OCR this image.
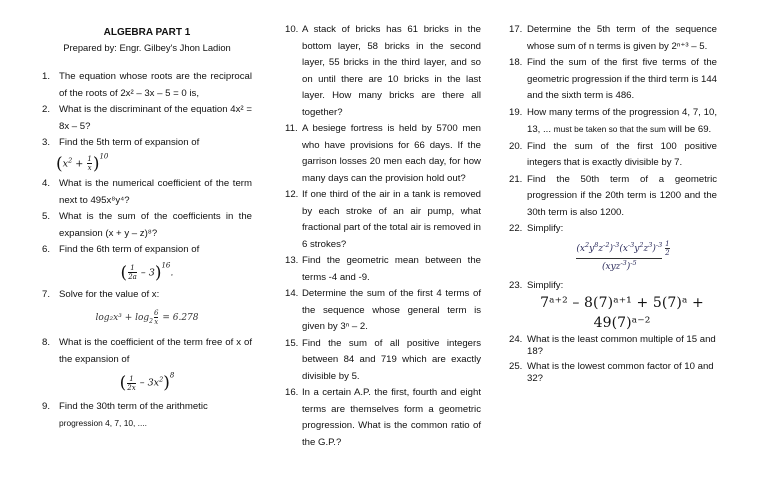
ALGEBRA PART 1
Prepared by: Engr. Gilbey's Jhon Ladion
1. The equation whose roots are the reciprocal of the roots of 2x² – 3x – 5 = 0 is,
2. What is the discriminant of the equation 4x² = 8x – 5?
3. Find the 5th term of expansion of
$(x^2 + \frac{1}{x} )^{10}$
4. What is the numerical coefficient of the term next to 495x⁸y⁴?
5. What is the sum of the coefficients in the expansion (x + y – z)⁸?
6. Find the 6th term of expansion of
( $\frac{1}{2a} - 3)^{16}$.
7. Solve for the value of x:
$\log_2x^3 + \log_2 \frac{6}{x} = 6.278$
8. What is the coefficient of the term free of x of the expansion of
( $\frac{1}{2x} - 3x^2)^8$
9. Find the 30th term of the arithmetic
progression 4, 7, 10, ....
10. A stack of bricks has 61 bricks in the bottom layer, 58 bricks in the second layer, 55 bricks in the third layer, and so on until there are 10 bricks in the last layer. How many bricks are there all together?
11. A besiege fortress is held by 5700 men who have provisions for 66 days. If the garrison losses 20 men each day, for how many days can the provision hold out?
12. If one third of the air in a tank is removed by each stroke of an air pump, what fractional part of the total air is removed in 6 strokes?
13. Find the geometric mean between the terms -4 and -9.
14. Determine the sum of the first 4 terms of the sequence whose general term is given by 3ⁿ – 2.
15. Find the sum of all positive integers between 84 and 719 which are exactly divisible by 5.
16. In a certain A.P. the first, fourth and eight terms are themselves form a geometric progression. What is the common ratio of the G.P.?
17. Determine the 5th term of the sequence whose sum of n terms is given by 2ⁿ⁺³ – 5.
18. Find the sum of the first five terms of the geometric progression if the third term is 144 and the sixth term is 486.
19. How many terms of the progression 4, 7, 10, 13, ... must be taken so that the sum will be 69.
20. Find the sum of the first 100 positive integers that is exactly divisible by 7.
21. Find the 50th term of a geometric progression if the 20th term is 1200 and the 30th term is also 1200.
22. Simplify:
$(x^2y^8z^{-2})^{-3}(x^{-3}y^2z^3)^{-3}$
$(xyz^{-3})^{-5}$

$\frac{1}{2}$
23. Simplify:
7ᵃ⁺² – 8(7)ᵃ⁺¹ + 5(7)ᵃ + 49(7)ᵃ⁻²
24. What is the least common multiple of 15 and 18?
25. What is the lowest common factor of 10 and 32?
